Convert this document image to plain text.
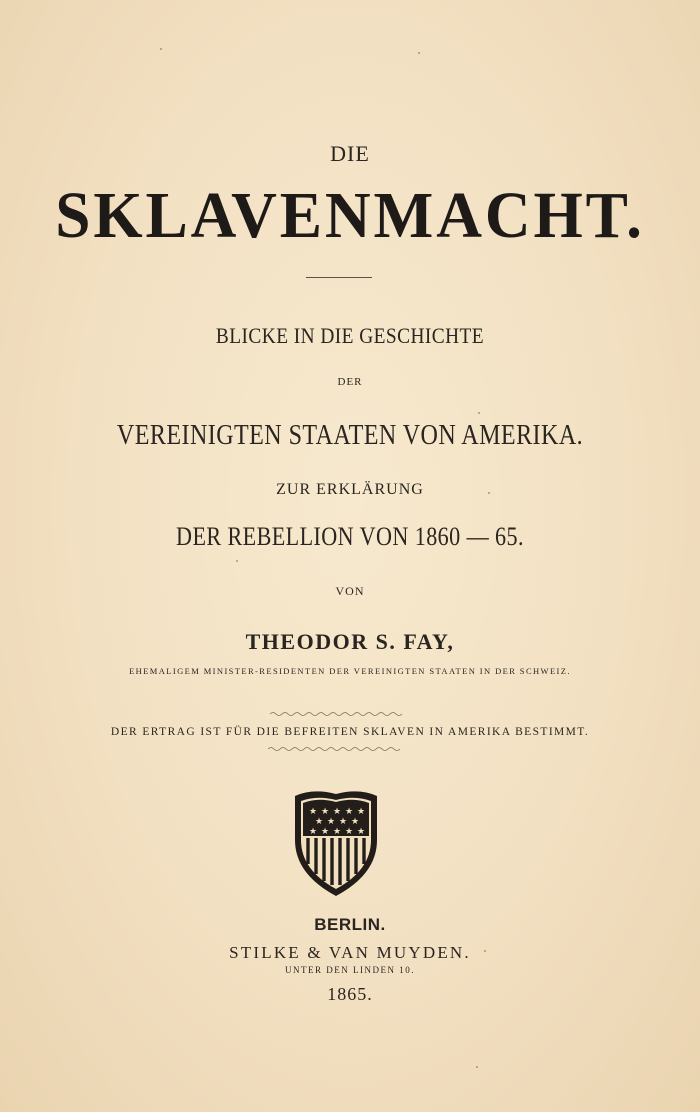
DIE
SKLAVENMACHT.
BLICKE IN DIE GESCHICHTE
DER
VEREINIGTEN STAATEN VON AMERIKA.
ZUR ERKLÄRUNG
DER REBELLION VON 1860 — 65.
VON
THEODOR S. FAY,
EHEMALIGEM MINISTER-RESIDENTEN DER VEREINIGTEN STAATEN IN DER SCHWEIZ.
DER ERTRAG IST FÜR DIE BEFREITEN SKLAVEN IN AMERIKA BESTIMMT.
★ ★ ★ ★ ★
★ ★ ★ ★
★ ★ ★ ★ ★
BERLIN.
STILKE & VAN MUYDEN.
UNTER DEN LINDEN 10.
1865.
